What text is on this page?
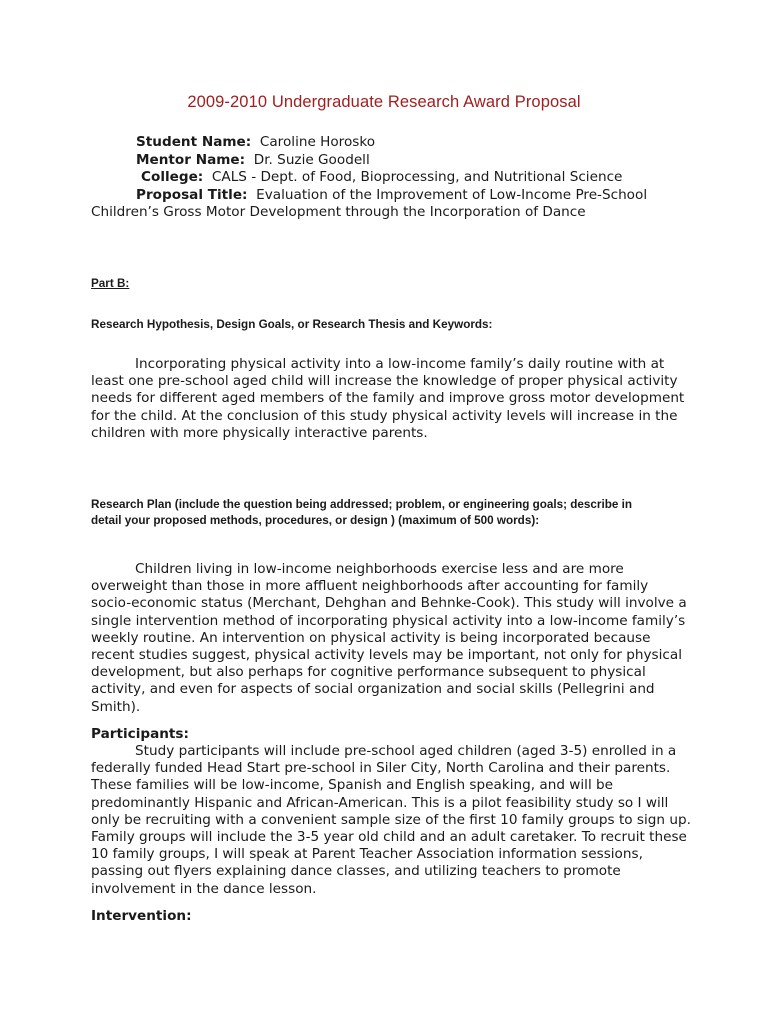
2009-2010 Undergraduate Research Award Proposal
Student Name: Caroline Horosko
Mentor Name: Dr. Suzie Goodell
College: CALS - Dept. of Food, Bioprocessing, and Nutritional Science
Proposal Title: Evaluation of the Improvement of Low-Income Pre-School
Children’s Gross Motor Development through the Incorporation of Dance
Part B:
Research Hypothesis, Design Goals, or Research Thesis and Keywords:

Incorporating physical activity into a low-income family’s daily routine with at least one pre-school aged child will increase the knowledge of proper physical activity needs for different aged members of the family and improve gross motor development for the child. At the conclusion of this study physical activity levels will increase in the children with more physically interactive parents.

Research Plan (include the question being addressed; problem, or engineering goals; describe in
detail your proposed methods, procedures, or design ) (maximum of 500 words):

Children living in low-income neighborhoods exercise less and are more overweight than those in more affluent neighborhoods after accounting for family socio-economic status (Merchant, Dehghan and Behnke-Cook). This study will involve a single intervention method of incorporating physical activity into a low-income family’s weekly routine. An intervention on physical activity is being incorporated because recent studies suggest, physical activity levels may be important, not only for physical development, but also perhaps for cognitive performance subsequent to physical activity, and even for aspects of social organization and social skills (Pellegrini and Smith).

Participants:

Study participants will include pre-school aged children (aged 3-5) enrolled in a federally funded Head Start pre-school in Siler City, North Carolina and their parents. These families will be low-income, Spanish and English speaking, and will be predominantly Hispanic and African-American. This is a pilot feasibility study so I will only be recruiting with a convenient sample size of the first 10 family groups to sign up. Family groups will include the 3-5 year old child and an adult caretaker. To recruit these 10 family groups, I will speak at Parent Teacher Association information sessions, passing out flyers explaining dance classes, and utilizing teachers to promote involvement in the dance lesson.

Intervention:
